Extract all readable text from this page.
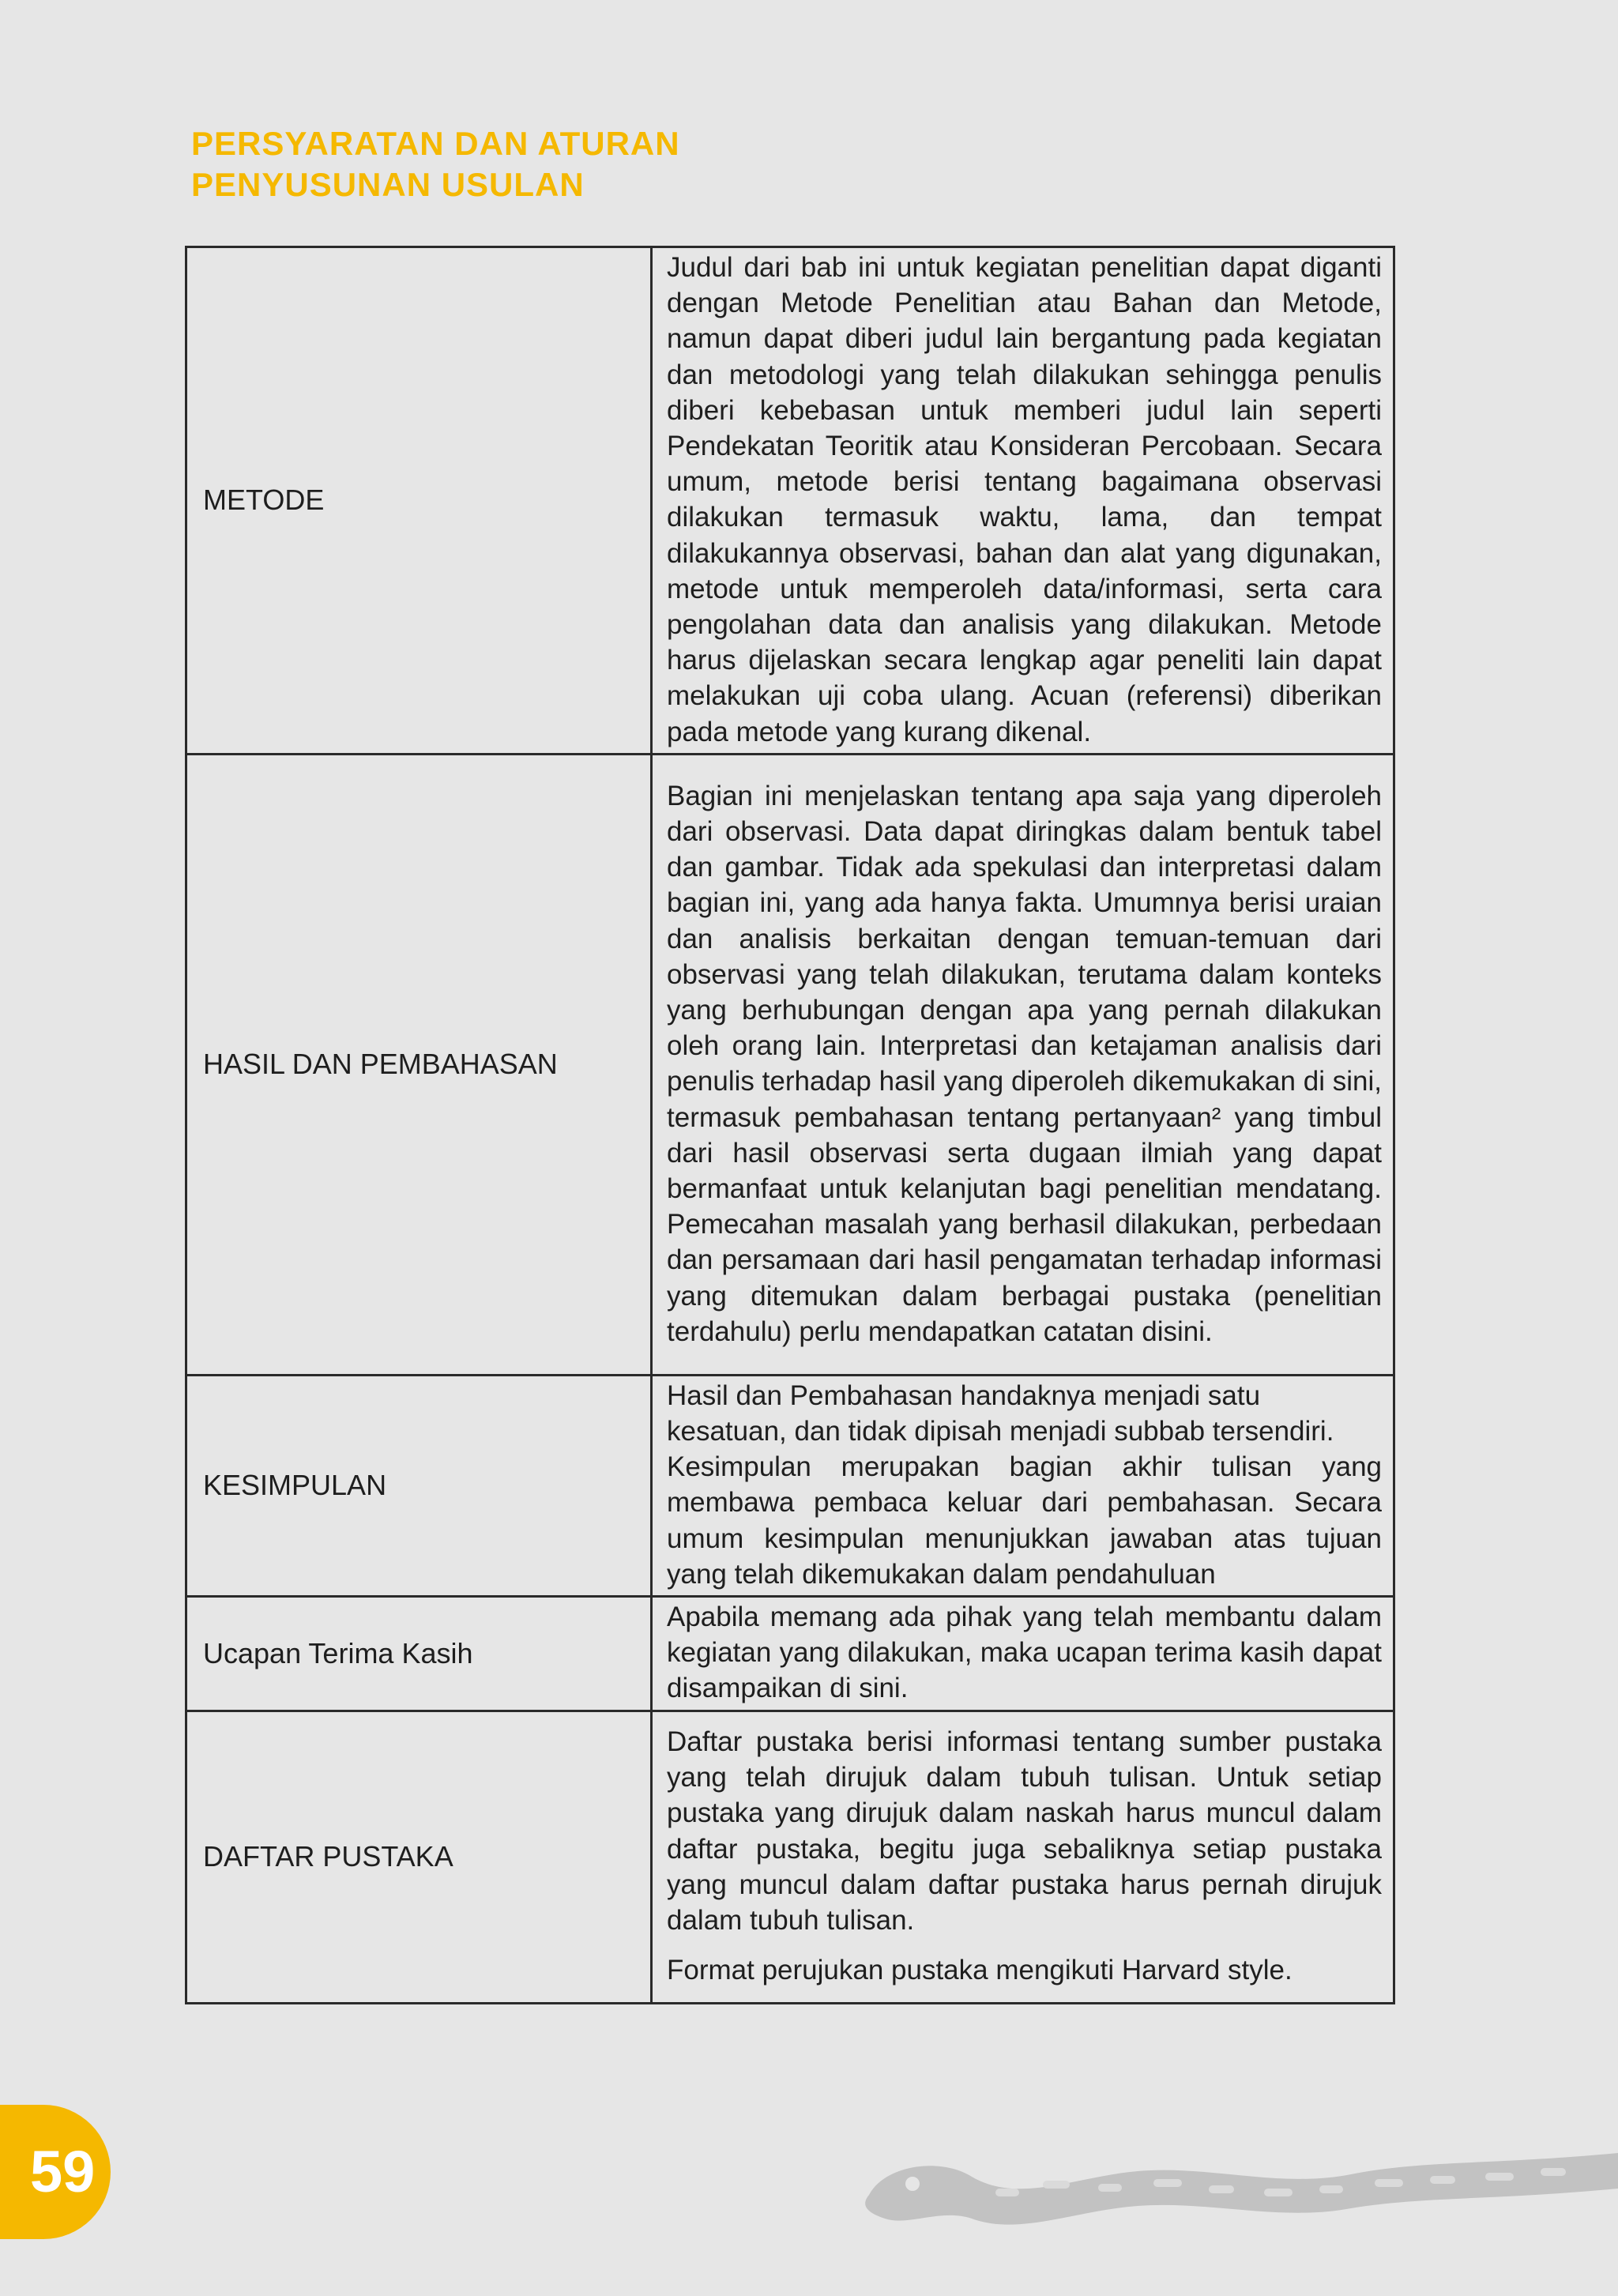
PERSYARATAN DAN ATURAN
PENYUSUNAN USULAN
METODE	Judul dari bab ini untuk kegiatan penelitian dapat diganti dengan Metode Penelitian atau Bahan dan Metode, namun dapat diberi judul lain bergantung pada kegiatan dan metodologi yang telah dilakukan sehingga penulis diberi kebebasan untuk memberi judul lain seperti Pendekatan Teoritik atau Konsideran Percobaan. Secara umum, metode berisi tentang bagaimana observasi dilakukan termasuk waktu, lama, dan tempat dilakukannya observasi, bahan dan alat yang digunakan, metode untuk memperoleh data/informasi, serta cara pengolahan data dan analisis yang dilakukan. Metode harus dijelaskan secara lengkap agar peneliti lain dapat melakukan uji coba ulang. Acuan (referensi) diberikan pada metode yang kurang dikenal.

HASIL DAN PEMBAHASAN	Bagian ini menjelaskan tentang apa saja yang diperoleh dari observasi. Data dapat diringkas dalam bentuk tabel dan gambar. Tidak ada spekulasi dan interpretasi dalam bagian ini, yang ada hanya fakta. Umumnya berisi uraian dan analisis berkaitan dengan temuan-temuan dari observasi yang telah dilakukan, terutama dalam konteks yang berhubungan dengan apa yang pernah dilakukan oleh orang lain. Interpretasi dan ketajaman analisis dari penulis terhadap hasil yang diperoleh dikemukakan di sini, termasuk pembahasan tentang pertanyaan² yang timbul dari hasil observasi serta dugaan ilmiah yang dapat bermanfaat untuk kelanjutan bagi penelitian mendatang. Pemecahan masalah yang berhasil dilakukan, perbedaan dan persamaan dari hasil pengamatan terhadap informasi yang ditemukan dalam berbagai pustaka (penelitian terdahulu) perlu mendapatkan catatan disini.

KESIMPULAN	Hasil dan Pembahasan handaknya menjadi satu kesatuan, dan tidak dipisah menjadi subbab tersendiri.

Kesimpulan merupakan bagian akhir tulisan yang membawa pembaca keluar dari pembahasan. Secara umum kesimpulan menunjukkan jawaban atas tujuan yang telah dikemukakan dalam pendahuluan

Ucapan Terima Kasih	Apabila memang ada pihak yang telah membantu dalam kegiatan yang dilakukan, maka ucapan terima kasih dapat disampaikan di sini.

DAFTAR PUSTAKA	Daftar pustaka berisi informasi tentang sumber pustaka yang telah dirujuk dalam tubuh tulisan. Untuk setiap pustaka yang dirujuk dalam naskah harus muncul dalam daftar pustaka, begitu juga sebaliknya setiap pustaka yang muncul dalam daftar pustaka harus pernah dirujuk dalam tubuh tulisan.

Format perujukan pustaka mengikuti Harvard style.

59
